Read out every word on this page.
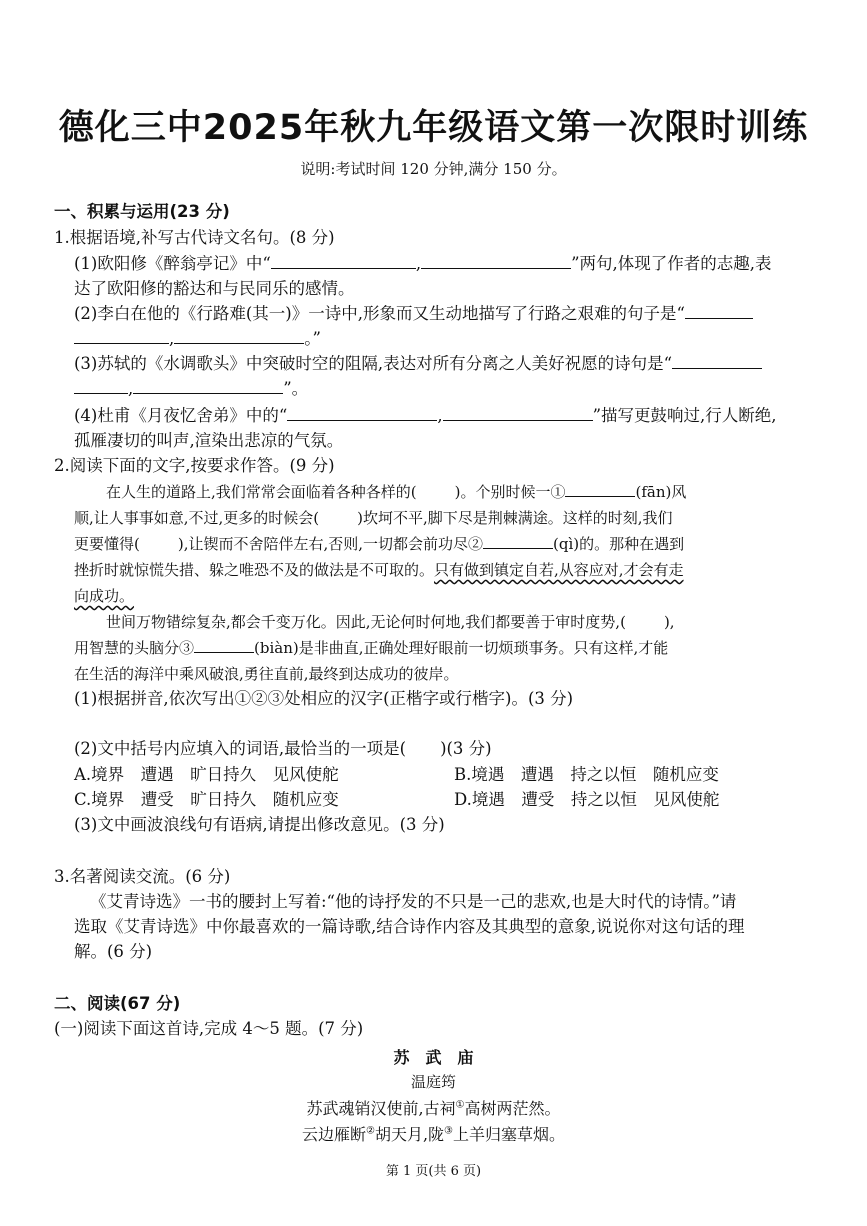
德化三中2025年秋九年级语文第一次限时训练
说明:考试时间 120 分钟,满分 150 分。
一、积累与运用(23 分)
1.根据语境,补写古代诗文名句。(8 分)
(1)欧阳修《醉翁亭记》中“	,	”两句,体现了作者的志趣,表
达了欧阳修的豁达和与民同乐的感情。
(2)李白在他的《行路难(其一)》一诗中,形象而又生动地描写了行路之艰难的句子是“
,	。”
(3)苏轼的《水调歌头》中突破时空的阻隔,表达对所有分离之人美好祝愿的诗句是“
,	”。
(4)杜甫《月夜忆舍弟》中的“	,	”描写更鼓响过,行人断绝,
孤雁凄切的叫声,渲染出悲凉的气氛。
2.阅读下面的文字,按要求作答。(9 分)
在人生的道路上,我们常常会面临着各种各样的(	)。个别时候一①	(fān)风
顺,让人事事如意,不过,更多的时候会(	)坎坷不平,脚下尽是荆棘满途。这样的时刻,我们
更要懂得(	),让锲而不舍陪伴左右,否则,一切都会前功尽②	(qì)的。那种在遇到
挫折时就惊慌失措、躲之唯恐不及的做法是不可取的。只有做到镇定自若,从容应对,才会有走
向成功。
世间万物错综复杂,都会千变万化。因此,无论何时何地,我们都要善于审时度势,(	),
用智慧的头脑分③	(biàn)是非曲直,正确处理好眼前一切烦琐事务。只有这样,才能
在生活的海洋中乘风破浪,勇往直前,最终到达成功的彼岸。
(1)根据拼音,依次写出①②③处相应的汉字(正楷字或行楷字)。(3 分)
(2)文中括号内应填入的词语,最恰当的一项是( )(3 分)
A.境界　遭遇　旷日持久　见风使舵	B.境遇　遭遇　持之以恒　随机应变
C.境界　遭受　旷日持久　随机应变	D.境遇　遭受　持之以恒　见风使舵
(3)文中画波浪线句有语病,请提出修改意见。(3 分)
3.名著阅读交流。(6 分)
《艾青诗选》一书的腰封上写着:“他的诗抒发的不只是一己的悲欢,也是大时代的诗情。”请
选取《艾青诗选》中你最喜欢的一篇诗歌,结合诗作内容及其典型的意象,说说你对这句话的理
解。(6 分)
二、阅读(67 分)
(一)阅读下面这首诗,完成 4～5 题。(7 分)
苏　武　庙
温庭筠
苏武魂销汉使前,古祠①高树两茫然。
云边雁断②胡天月,陇③上羊归塞草烟。
第 1 页(共 6 页)
